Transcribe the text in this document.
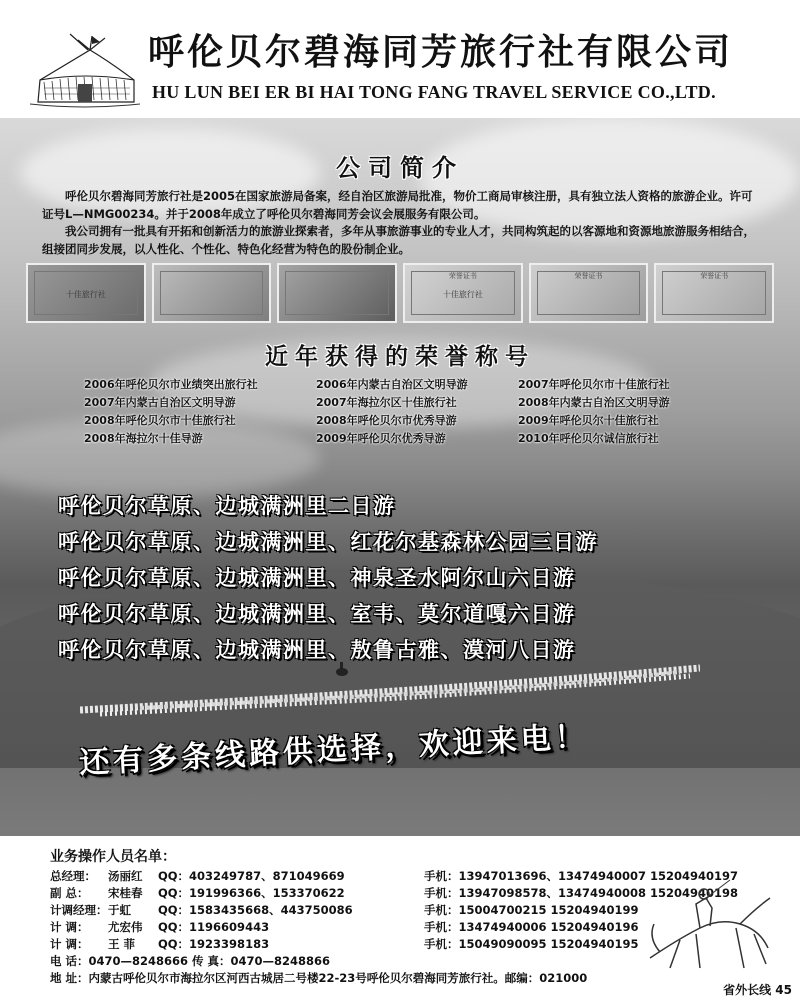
呼伦贝尔碧海同芳旅行社有限公司
HU LUN BEI ER BI HAI TONG FANG TRAVEL SERVICE CO.,LTD.
公司简介

呼伦贝尔碧海同芳旅行社是2005在国家旅游局备案，经自治区旅游局批准，物价工商局审核注册，具有独立法人资格的旅游企业。许可证号L—NMG00234。并于2008年成立了呼伦贝尔碧海同芳会议会展服务有限公司。

我公司拥有一批具有开拓和创新活力的旅游业探索者，多年从事旅游事业的专业人才，共同构筑起的以客源地和资源地旅游服务相结合，组接团同步发展，以人性化、个性化、特色化经营为特色的股份制企业。

十佳旅行社
荣誉证书
十佳旅行社
荣誉证书	荣誉证书
近年获得的荣誉称号
2006年呼伦贝尔市业绩突出旅行社	2006年内蒙古自治区文明导游	2007年呼伦贝尔市十佳旅行社
2007年内蒙古自治区文明导游	2007年海拉尔区十佳旅行社	2008年内蒙古自治区文明导游
2008年呼伦贝尔市十佳旅行社	2008年呼伦贝尔市优秀导游	2009年呼伦贝尔十佳旅行社
2008年海拉尔十佳导游	2009年呼伦贝尔优秀导游	2010年呼伦贝尔诚信旅行社
呼伦贝尔草原、边城满洲里二日游
呼伦贝尔草原、边城满洲里、红花尔基森林公园三日游
呼伦贝尔草原、边城满洲里、神泉圣水阿尔山六日游
呼伦贝尔草原、边城满洲里、室韦、莫尔道嘎六日游
呼伦贝尔草原、边城满洲里、敖鲁古雅、漠河八日游
还有多条线路供选择，欢迎来电！
业务操作人员名单：
总经理： 汤丽红 QQ：403249787、871049669	手机：13947013696、13474940007 15204940197
副 总： 宋桂春 QQ：191996366、153370622	手机：13947098578、13474940008 15204940198
计调经理：于虹 QQ：1583435668、443750086	手机：15004700215 15204940199
计 调： 尤宏伟 QQ：1196609443	手机：13474940006 15204940196
计 调： 王 菲 QQ：1923398183	手机：15049090095 15204940195
电 话：0470—8248666 传 真：0470—8248866
地 址：内蒙古呼伦贝尔市海拉尔区河西古城居二号楼22-23号呼伦贝尔碧海同芳旅行社。邮编：021000
省外长线 45
